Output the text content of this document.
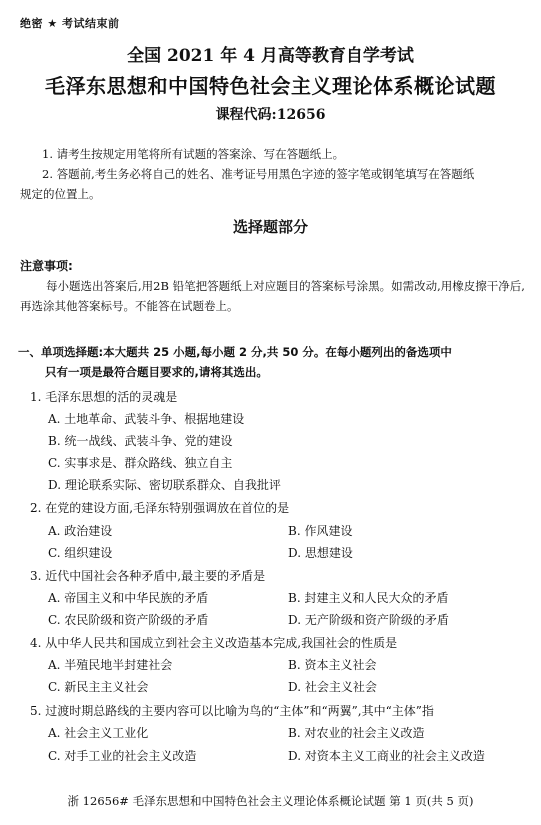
绝密 ★ 考试结束前
全国 2021 年 4 月高等教育自学考试
毛泽东思想和中国特色社会主义理论体系概论试题
课程代码:12656
1. 请考生按规定用笔将所有试题的答案涂、写在答题纸上。
2. 答题前,考生务必将自己的姓名、准考证号用黑色字迹的签字笔或钢笔填写在答题纸
规定的位置上。
选择题部分
注意事项:
每小题选出答案后,用2B 铅笔把答题纸上对应题目的答案标号涂黑。如需改动,用橡皮擦干净后,再选涂其他答案标号。不能答在试题卷上。
一、单项选择题:本大题共 25 小题,每小题 2 分,共 50 分。在每小题列出的备选项中
只有一项是最符合题目要求的,请将其选出。
1. 毛泽东思想的活的灵魂是
A. 土地革命、武装斗争、根据地建设
B. 统一战线、武装斗争、党的建设
C. 实事求是、群众路线、独立自主
D. 理论联系实际、密切联系群众、自我批评
2. 在党的建设方面,毛泽东特别强调放在首位的是
A. 政治建设	B. 作风建设
C. 组织建设	D. 思想建设
3. 近代中国社会各种矛盾中,最主要的矛盾是
A. 帝国主义和中华民族的矛盾	B. 封建主义和人民大众的矛盾
C. 农民阶级和资产阶级的矛盾	D. 无产阶级和资产阶级的矛盾
4. 从中华人民共和国成立到社会主义改造基本完成,我国社会的性质是
A. 半殖民地半封建社会	B. 资本主义社会
C. 新民主主义社会	D. 社会主义社会
5. 过渡时期总路线的主要内容可以比喻为鸟的“主体”和“两翼”,其中“主体”指
A. 社会主义工业化	B. 对农业的社会主义改造
C. 对手工业的社会主义改造	D. 对资本主义工商业的社会主义改造
浙 12656# 毛泽东思想和中国特色社会主义理论体系概论试题 第 1 页(共 5 页)
